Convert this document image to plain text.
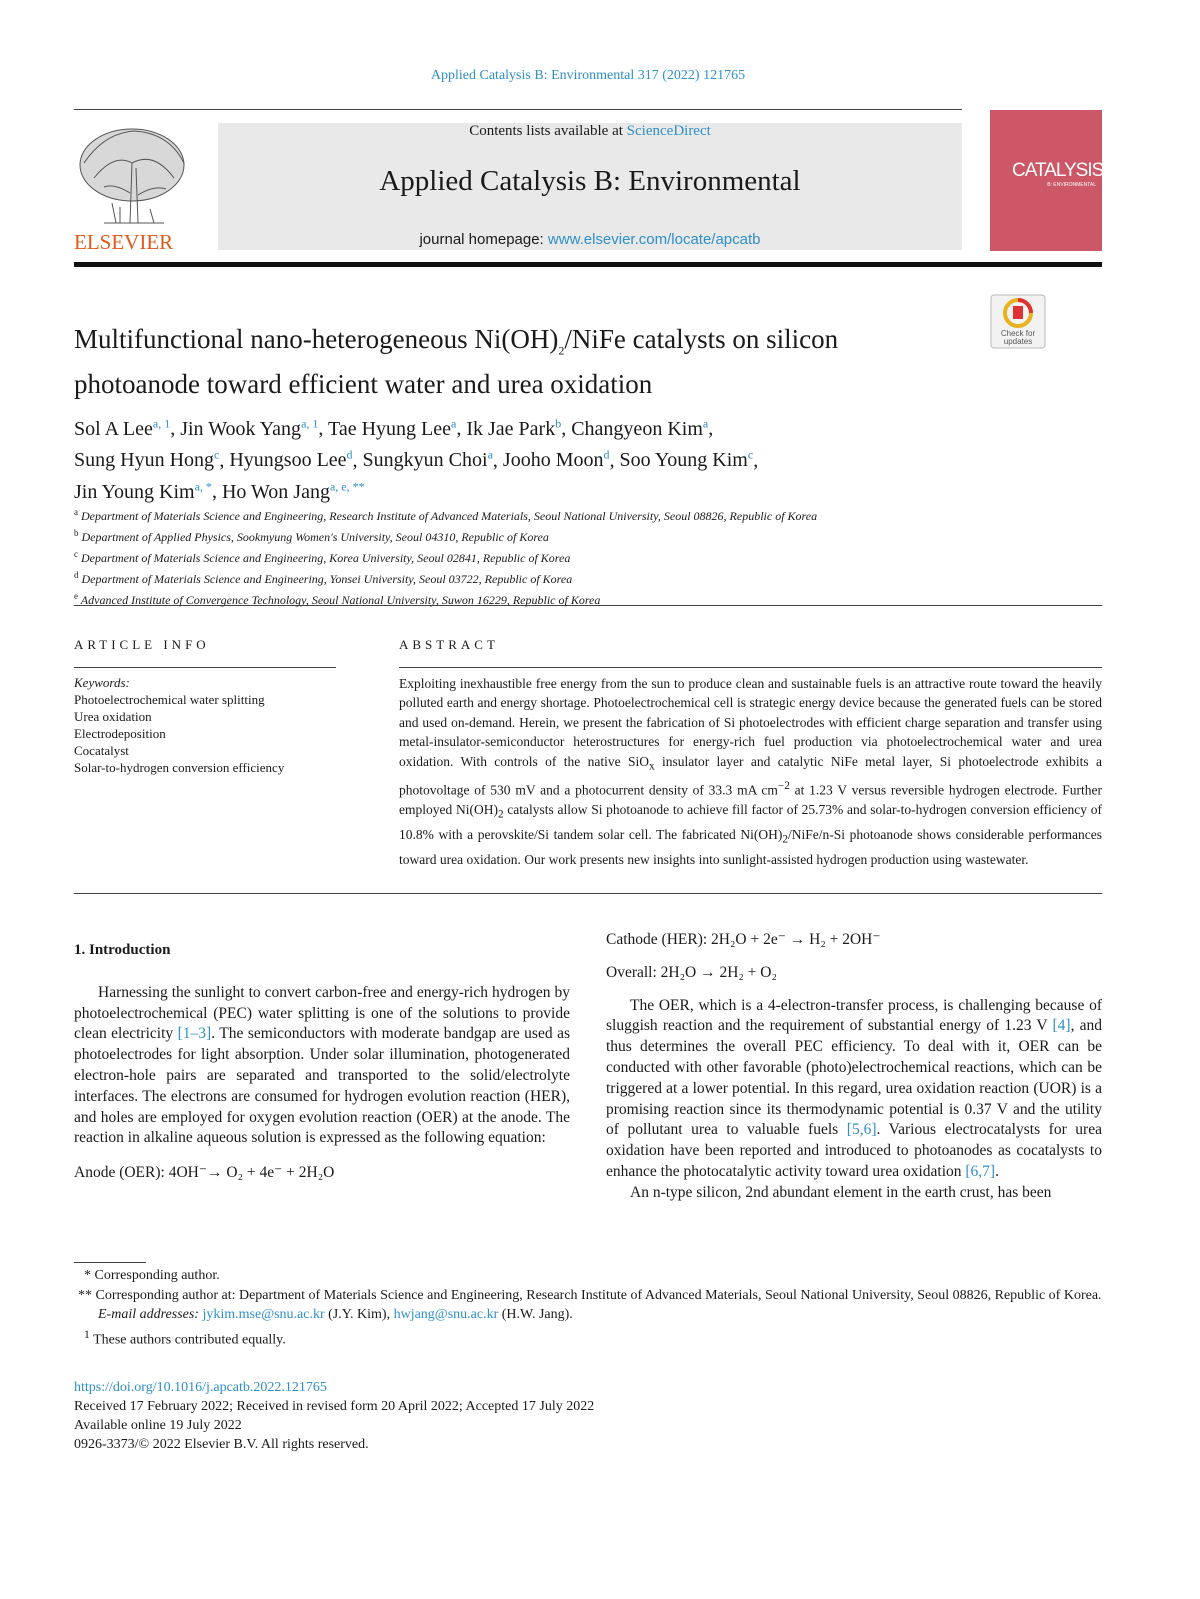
Applied Catalysis B: Environmental 317 (2022) 121765
ELSEVIER
Contents lists available at ScienceDirect
Applied Catalysis B: Environmental
journal homepage: www.elsevier.com/locate/apcatb
CATALYSIS
B: ENVIRONMENTAL
Check for
updates
Multifunctional nano-heterogeneous $Ni(OH)_2$/NiFe catalysts on silicon
photoanode toward efficient water and urea oxidation
Sol A Lee$^{a, 1}$, Jin Wook Yang$^{a, 1}$, Tae Hyung Lee$^a$, Ik Jae Park$^b$, Changyeon Kim$^a$,
Sung Hyun Hong$^c$, Hyungsoo Lee$^d$, Sungkyun Choi$^a$, Jooho Moon$^d$, Soo Young Kim$^c$,
Jin Young Kim$^{a, *}$, Ho Won Jang$^{a, e, **}$
$^a$ Department of Materials Science and Engineering, Research Institute of Advanced Materials, Seoul National University, Seoul 08826, Republic of Korea
$^b$ Department of Applied Physics, Sookmyung Women's University, Seoul 04310, Republic of Korea
$^c$ Department of Materials Science and Engineering, Korea University, Seoul 02841, Republic of Korea
$^d$ Department of Materials Science and Engineering, Yonsei University, Seoul 03722, Republic of Korea
$^e$ Advanced Institute of Convergence Technology, Seoul National University, Suwon 16229, Republic of Korea
ARTICLE INFO	ABSTRACT
Keywords:
Photoelectrochemical water splitting
Urea oxidation
Electrodeposition
Cocatalyst
Solar-to-hydrogen conversion efficiency
Exploiting inexhaustible free energy from the sun to produce clean and sustainable fuels is an attractive route toward the heavily polluted earth and energy shortage. Photoelectrochemical cell is strategic energy device because the generated fuels can be stored and used on-demand. Herein, we present the fabrication of Si photoelectrodes with efficient charge separation and transfer using metal-insulator-semiconductor heterostructures for energy-rich fuel production via photoelectrochemical water and urea oxidation. With controls of the native SiO$_x$ insulator layer and catalytic NiFe metal layer, Si photoelectrode exhibits a photovoltage of 530 mV and a photocurrent density of 33.3 mA $cm^{-2}$ at 1.23 V versus reversible hydrogen electrode. Further employed $Ni(OH)_2$ catalysts allow Si photoanode to achieve fill factor of 25.73% and solar-to-hydrogen conversion efficiency of 10.8% with a perovskite/Si tandem solar cell. The fabricated $Ni(OH)_2/NiFe/n-Si$ photoanode shows considerable performances toward urea oxidation. Our work presents new insights into sunlight-assisted hydrogen production using wastewater.
1. Introduction

Harnessing the sunlight to convert carbon-free and energy-rich hydrogen by photoelectrochemical (PEC) water splitting is one of the solutions to provide clean electricity [1–3]. The semiconductors with moderate bandgap are used as photoelectrodes for light absorption. Under solar illumination, photogenerated electron-hole pairs are separated and transported to the solid/electrolyte interfaces. The electrons are consumed for hydrogen evolution reaction (HER), and holes are employed for oxygen evolution reaction (OER) at the anode. The reaction in alkaline aqueous solution is expressed as the following equation:

Anode (OER): 4OH⁻→ O₂ + 4e⁻ + 2H₂O

Cathode (HER): 2H₂O + 2e⁻ → H₂ + 2OH⁻

Overall: 2H₂O → 2H₂ + O₂

The OER, which is a 4-electron-transfer process, is challenging because of sluggish reaction and the requirement of substantial energy of 1.23 V [4], and thus determines the overall PEC efficiency. To deal with it, OER can be conducted with other favorable (photo)electrochemical reactions, which can be triggered at a lower potential. In this regard, urea oxidation reaction (UOR) is a promising reaction since its thermodynamic potential is 0.37 V and the utility of pollutant urea to valuable fuels [5,6]. Various electrocatalysts for urea oxidation have been reported and introduced to photoanodes as cocatalysts to enhance the photocatalytic activity toward urea oxidation [6,7].

An n-type silicon, 2nd abundant element in the earth crust, has been

* Corresponding author.
** Corresponding author at: Department of Materials Science and Engineering, Research Institute of Advanced Materials, Seoul National University, Seoul 08826, Republic of Korea.
E-mail addresses: jykim.mse@snu.ac.kr (J.Y. Kim), hwjang@snu.ac.kr (H.W. Jang).
$^1$ These authors contributed equally.
https://doi.org/10.1016/j.apcatb.2022.121765
Received 17 February 2022; Received in revised form 20 April 2022; Accepted 17 July 2022
Available online 19 July 2022
0926-3373/© 2022 Elsevier B.V. All rights reserved.
